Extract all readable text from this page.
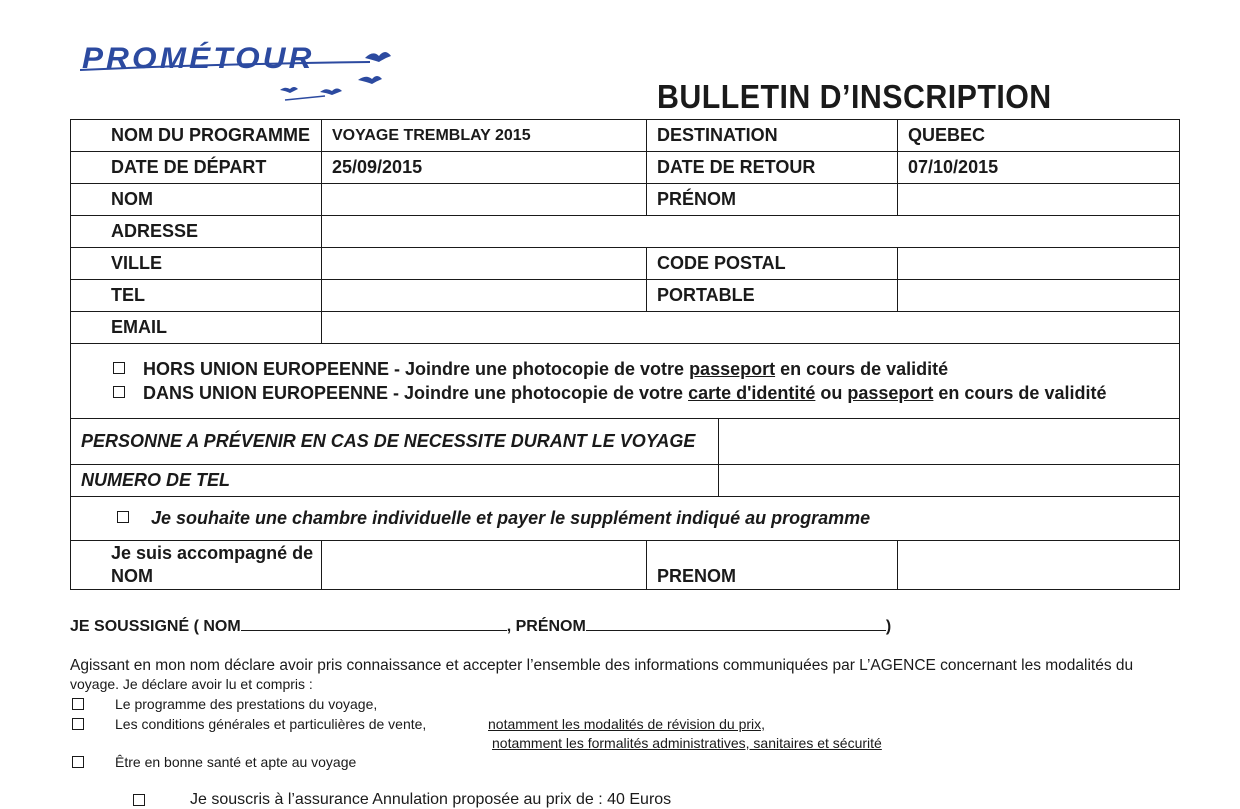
PROMÉTOUR
BULLETIN D’INSCRIPTION
NOM DU PROGRAMME	VOYAGE TREMBLAY 2015	DESTINATION		QUEBEC
DATE DE DÉPART	25/09/2015	DATE DE RETOUR		07/10/2015
NOM		PRÉNOM		
ADRESSE				
VILLE		CODE POSTAL		
TEL		PORTABLE		
EMAIL				

HORS UNION EUROPEENNE - Joindre une photocopie de votre passeport en cours de validité
DANS UNION EUROPEENNE - Joindre une photocopie de votre carte d'identité ou passeport en cours de validité				

PERSONNE A PRÉVENIR EN CAS DE NECESSITE DURANT LE VOYAGE				
NUMERO DE TEL				
Je souhaite une chambre individuelle et payer le supplément indiqué au programme				
Je suis accompagné de NOM		PRENOM		
JE SOUSSIGNÉ ( NOM	, PRÉNOM	)
Agissant en mon nom déclare avoir pris connaissance et accepter l’ensemble des informations communiquées par L’AGENCE concernant les modalités du
voyage. Je déclare avoir lu et compris :
Le programme des prestations du voyage,
Les conditions générales et particulières de vente,	notamment les modalités de révision du prix,
notamment les formalités administratives, sanitaires et sécurité
Être en bonne santé et apte au voyage
Je souscris à l’assurance Annulation proposée au prix de : 40 Euros
